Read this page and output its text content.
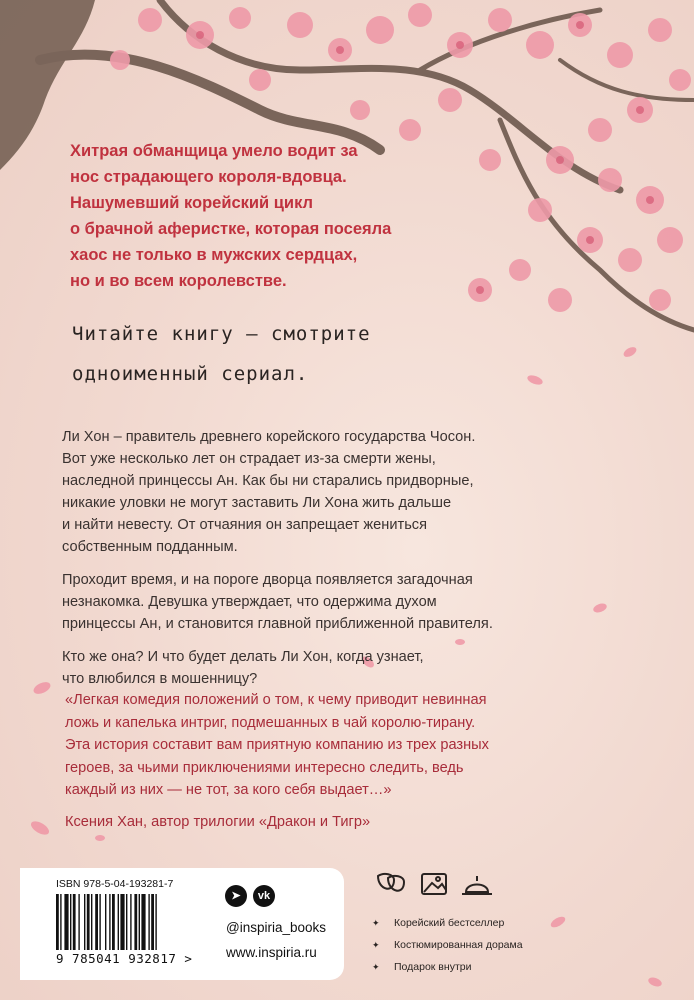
Хитрая обманщица умело водит за
нос страдающего короля-вдовца.
Нашумевший корейский цикл
о брачной аферистке, которая посеяла
хаос не только в мужских сердцах,
но и во всем королевстве.
Читайте книгу — смотрите
одноименный сериал.

Ли Хон – правитель древнего корейского государства Чосон.
Вот уже несколько лет он страдает из-за смерти жены,
наследной принцессы Ан. Как бы ни старались придворные,
никакие уловки не могут заставить Ли Хона жить дальше
и найти невесту. От отчаяния он запрещает жениться
собственным подданным.

Проходит время, и на пороге дворца появляется загадочная
незнакомка. Девушка утверждает, что одержима духом
принцессы Ан, и становится главной приближенной правителя.

Кто же она? И что будет делать Ли Хон, когда узнает,
что влюбился в мошенницу?

«Легкая комедия положений о том, к чему приводит невинная
ложь и капелька интриг, подмешанных в чай королю-тирану.
Эта история составит вам приятную компанию из трех разных
героев, за чьими приключениями интересно следить, ведь
каждый из них — не тот, за кого себя выдает…»
Ксения Хан, автор трилогии «Дракон и Тигр»
ISBN 978-5-04-193281-7
9 785041 932817 >
➤ vk
@inspiria_books
www.inspiria.ru
✦	Корейский бестселлер
✦	Костюмированная дорама
✦	Подарок внутри
